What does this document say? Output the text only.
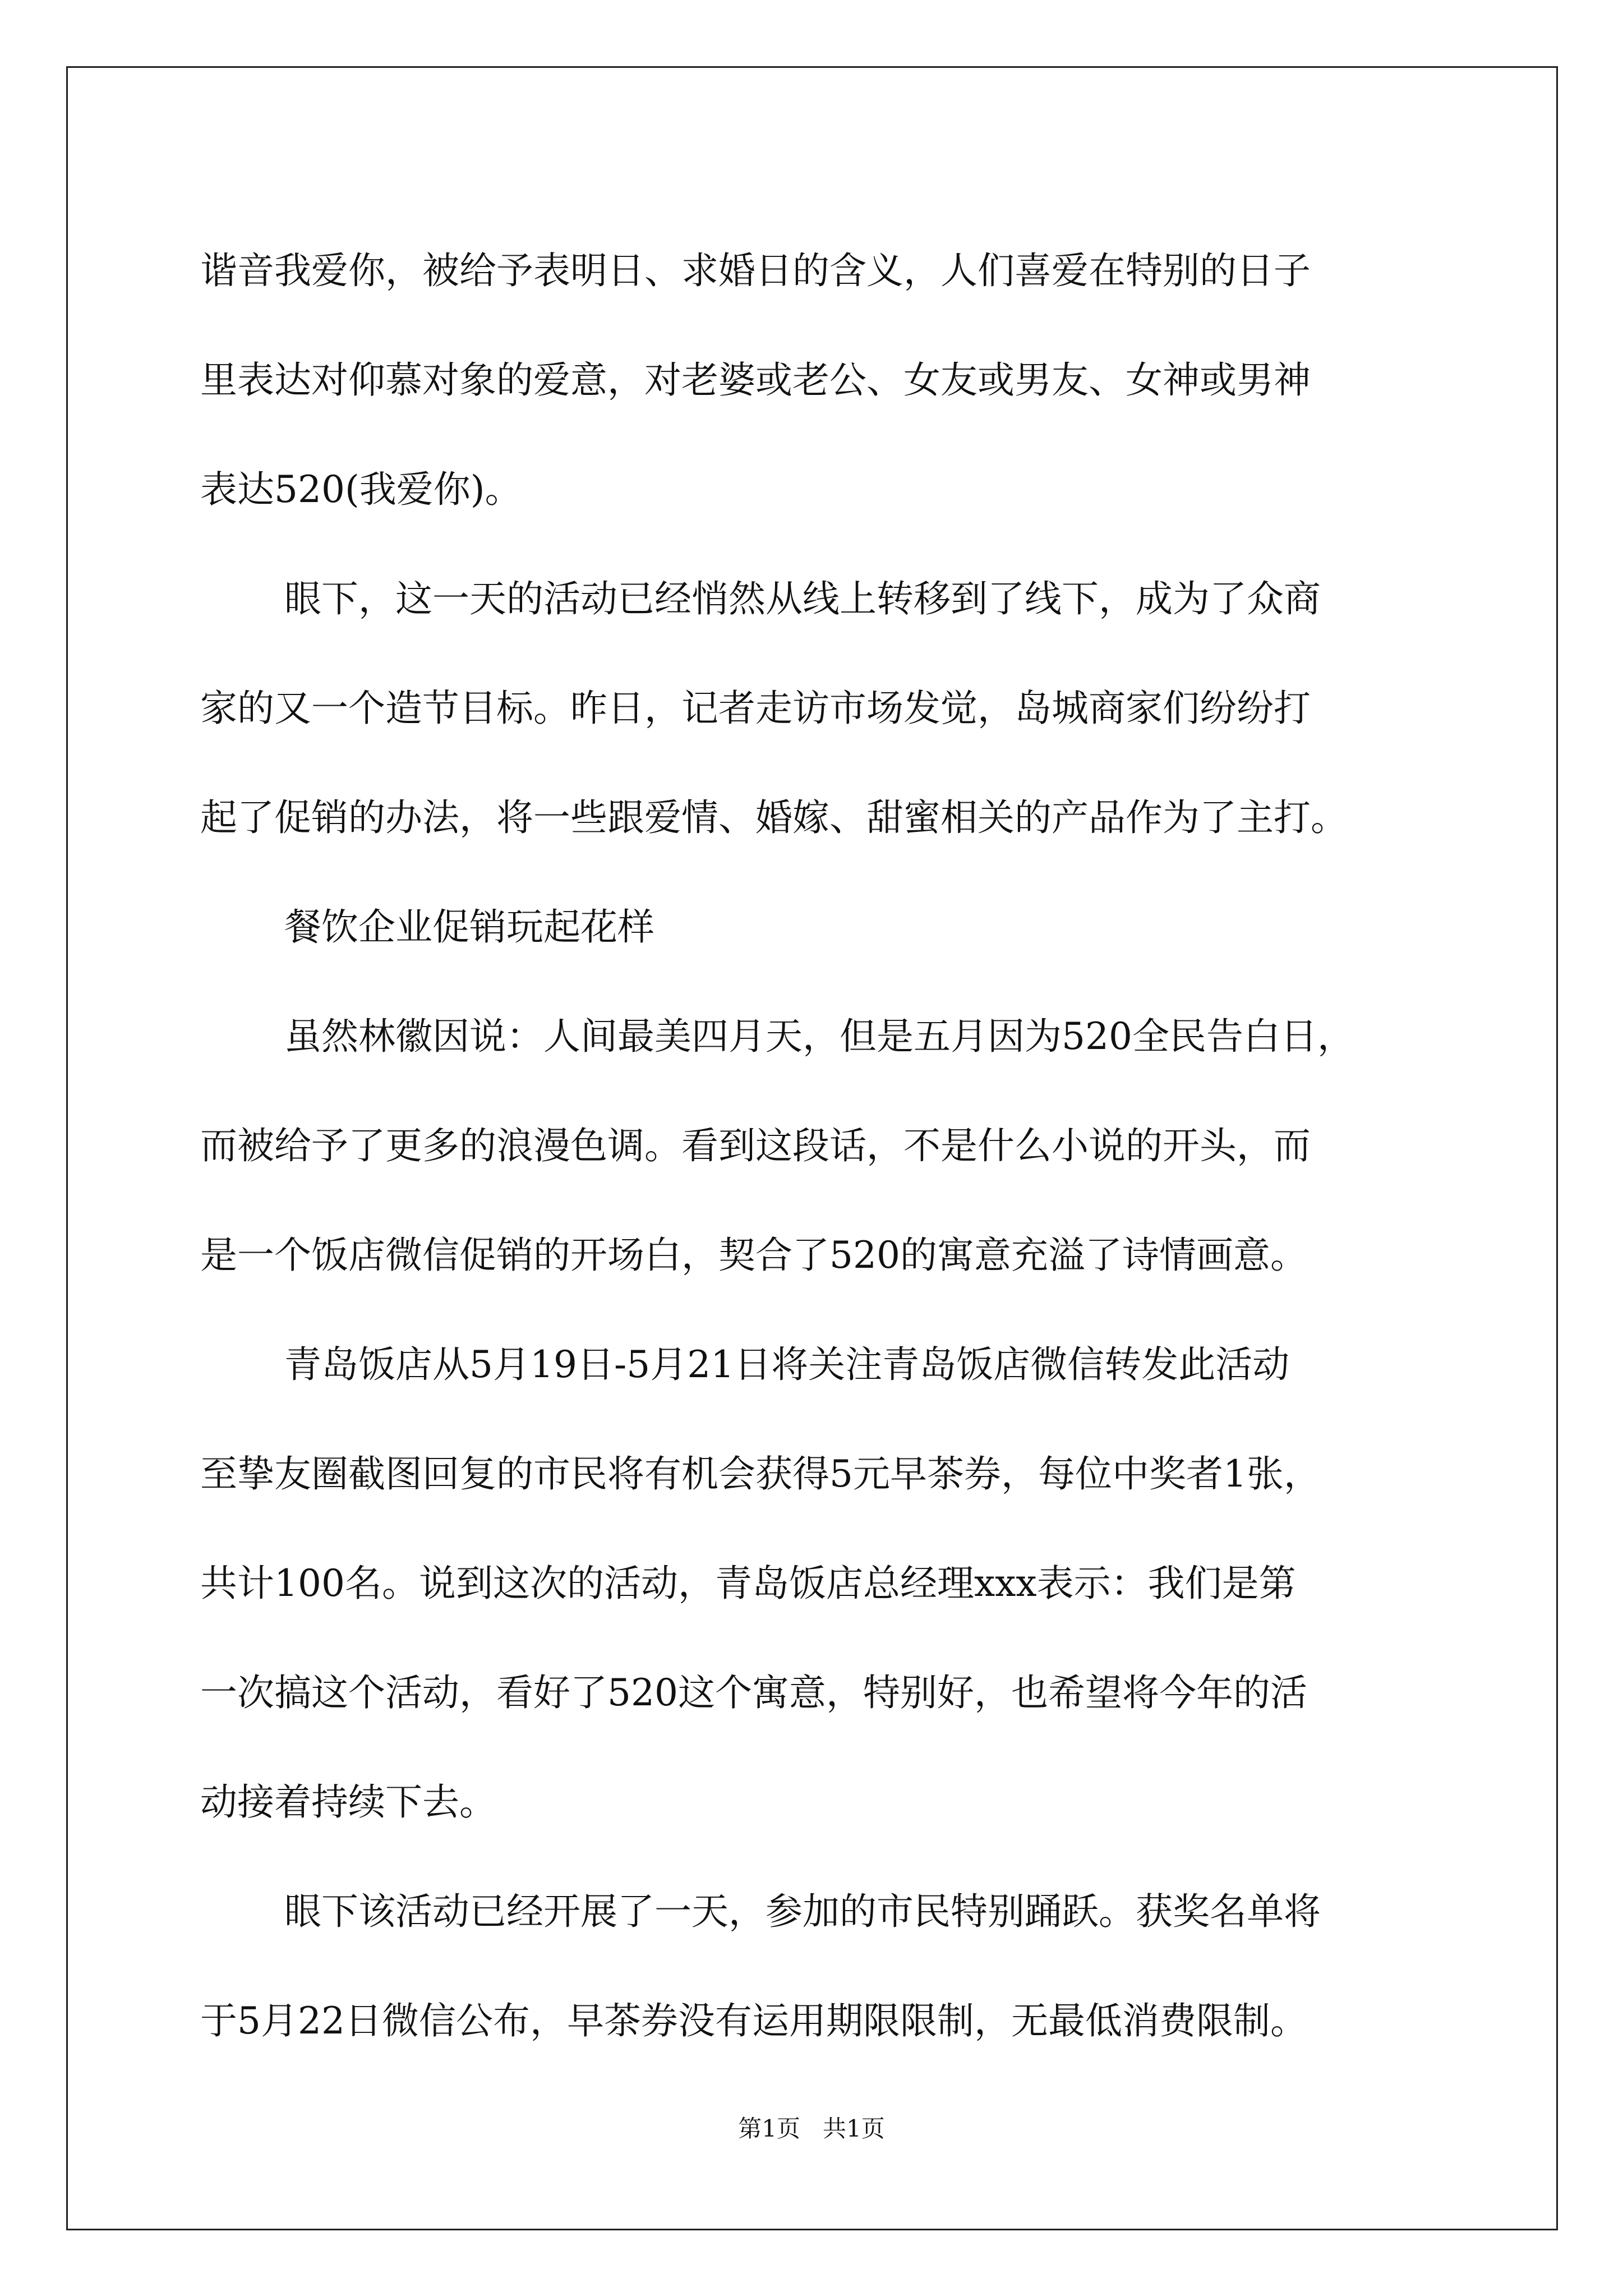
谐音我爱你，被给予表明日、求婚日的含义，人们喜爱在特别的日子
里表达对仰慕对象的爱意，对老婆或老公、女友或男友、女神或男神
表达520(我爱你)。
眼下，这一天的活动已经悄然从线上转移到了线下，成为了众商
家的又一个造节目标。昨日，记者走访市场发觉，岛城商家们纷纷打
起了促销的办法，将一些跟爱情、婚嫁、甜蜜相关的产品作为了主打。
餐饮企业促销玩起花样
虽然林徽因说：人间最美四月天，但是五月因为520全民告白日，
而被给予了更多的浪漫色调。看到这段话，不是什么小说的开头，而
是一个饭店微信促销的开场白，契合了520的寓意充溢了诗情画意。
青岛饭店从5月19日-5月21日将关注青岛饭店微信转发此活动
至挚友圈截图回复的市民将有机会获得5元早茶券，每位中奖者1张，
共计100名。说到这次的活动，青岛饭店总经理xxx表示：我们是第
一次搞这个活动，看好了520这个寓意，特别好，也希望将今年的活
动接着持续下去。
眼下该活动已经开展了一天，参加的市民特别踊跃。获奖名单将
于5月22日微信公布，早茶券没有运用期限限制，无最低消费限制。
第1页   共1页
